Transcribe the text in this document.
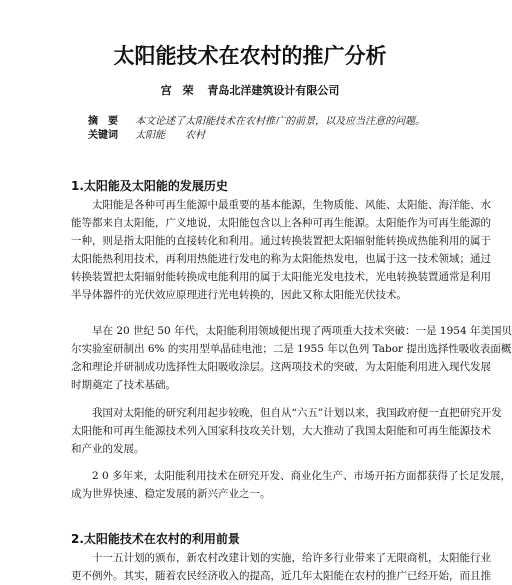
太阳能技术在农村的推广分析
宫　荣 青岛北洋建筑设计有限公司
摘　要 本文论述了太阳能技术在农村推广的前景，以及应当注意的问题。
关键词 太阳能　　农村
1.太阳能及太阳能的发展历史
太阳能是各种可再生能源中最重要的基本能源，生物质能、风能、太阳能、海洋能、水
能等都来自太阳能，广义地说，太阳能包含以上各种可再生能源。太阳能作为可再生能源的
一种，则是指太阳能的直接转化和利用。通过转换装置把太阳辐射能转换成热能利用的属于
太阳能热利用技术，再利用热能进行发电的称为太阳能热发电，也属于这一技术领域；通过
转换装置把太阳辐射能转换成电能利用的属于太阳能光发电技术，光电转换装置通常是利用
半导体器件的光伏效应原理进行光电转换的，因此又称太阳能光伏技术。
早在 20 世纪 50 年代，太阳能利用领域便出现了两项重大技术突破：一是 1954 年美国贝
尔实验室研制出 6% 的实用型单晶硅电池；二是 1955 年以色列 Tabor 提出选择性吸收表面概
念和理论并研制成功选择性太阳吸收涂层。这两项技术的突破，为太阳能利用进入现代发展
时期奠定了技术基础。
我国对太阳能的研究利用起步较晚，但自从“六五”计划以来，我国政府便一直把研究开发
太阳能和可再生能源技术列入国家科技攻关计划，大大推动了我国太阳能和可再生能源技术
和产业的发展。
2 0 多年来，太阳能利用技术在研究开发、商业化生产、市场开拓方面都获得了长足发展，
成为世界快速、稳定发展的新兴产业之一。
2.太阳能技术在农村的利用前景
十一五计划的颁布，新农村改建计划的实施，给许多行业带来了无限商机，太阳能行业
更不例外。其实，随着农民经济收入的提高，近几年太阳能在农村的推广已经开始，而且推
